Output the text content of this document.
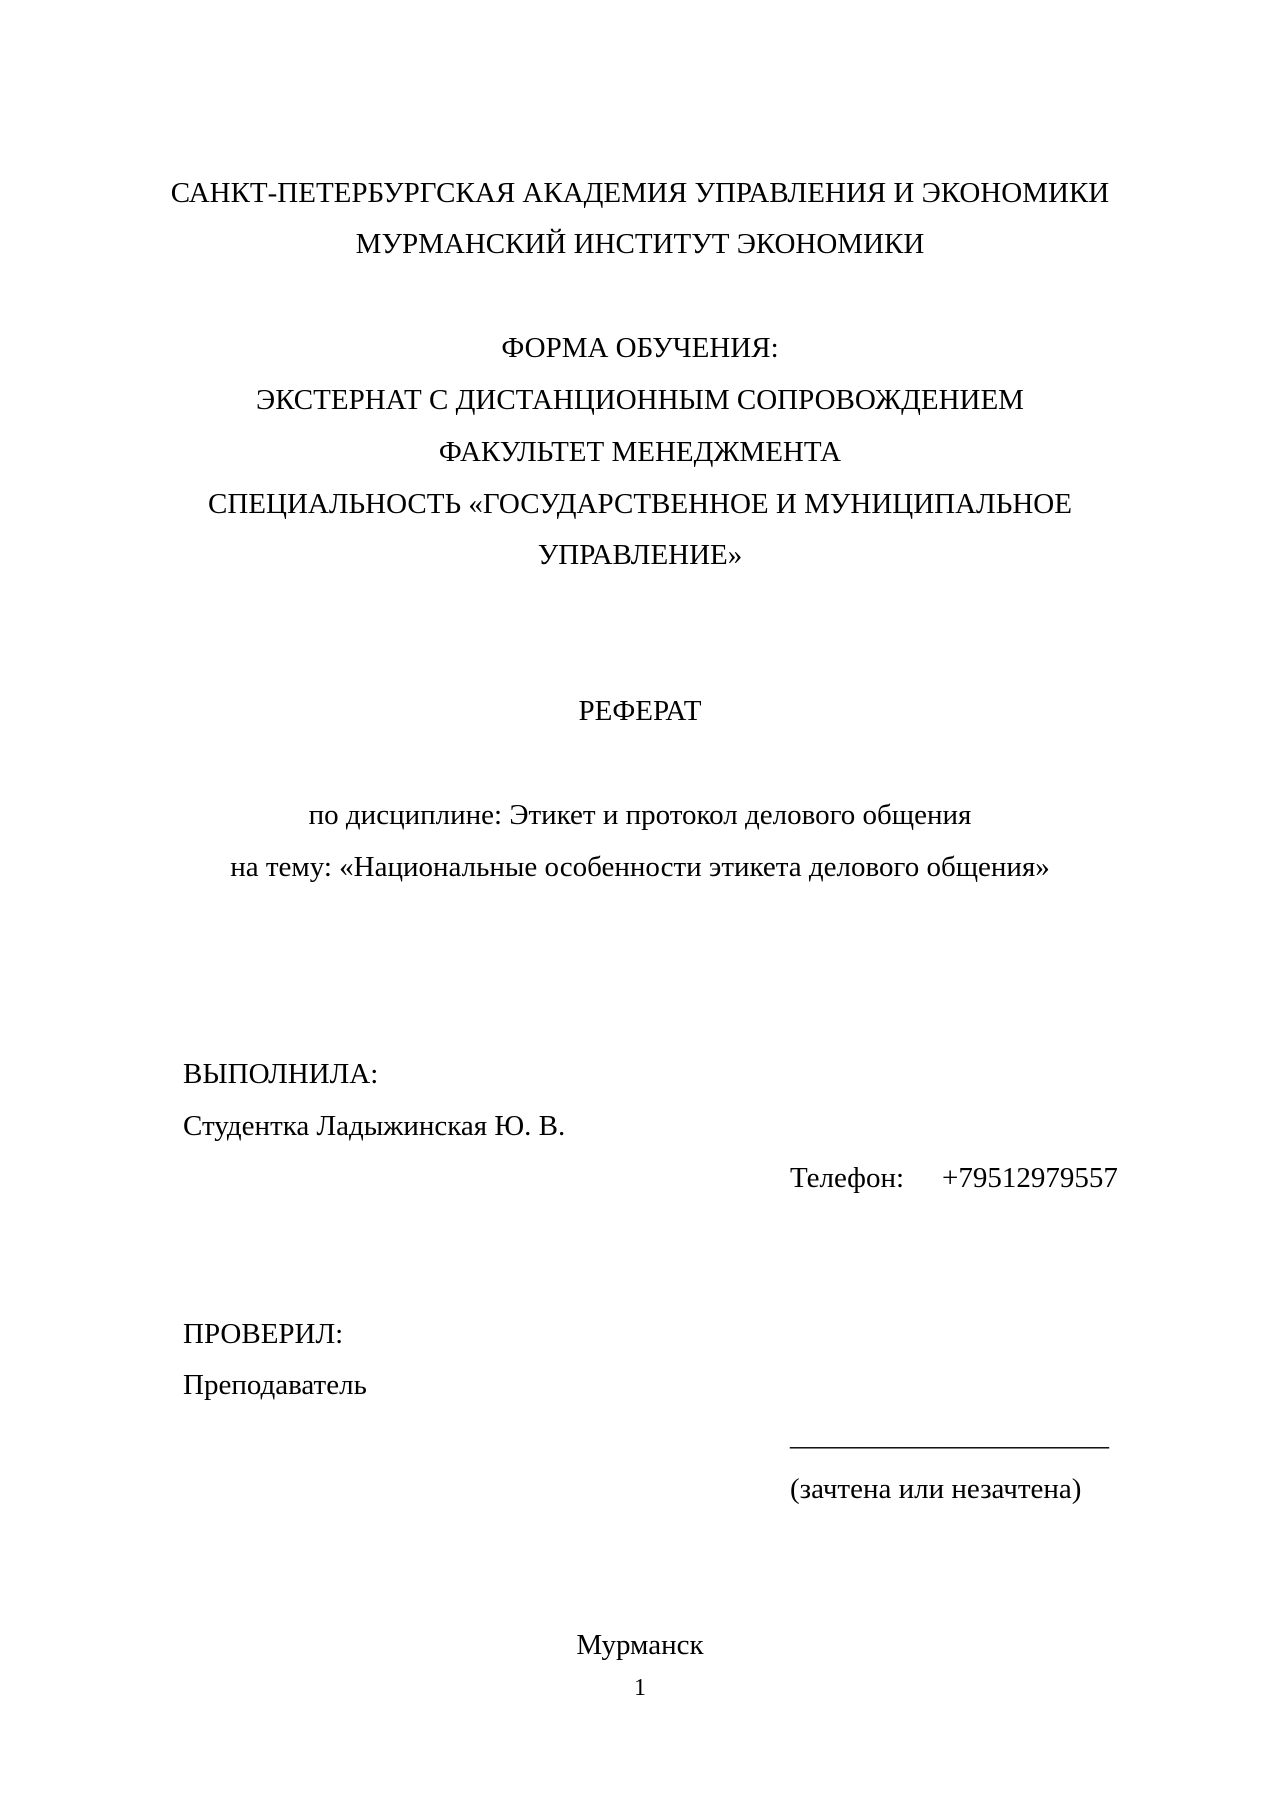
САНКТ-ПЕТЕРБУРГСКАЯ АКАДЕМИЯ УПРАВЛЕНИЯ И ЭКОНОМИКИ
МУРМАНСКИЙ ИНСТИТУТ ЭКОНОМИКИ
ФОРМА ОБУЧЕНИЯ:
ЭКСТЕРНАТ С ДИСТАНЦИОННЫМ СОПРОВОЖДЕНИЕМ
ФАКУЛЬТЕТ МЕНЕДЖМЕНТА
СПЕЦИАЛЬНОСТЬ «ГОСУДАРСТВЕННОЕ И МУНИЦИПАЛЬНОЕ
УПРАВЛЕНИЕ»
РЕФЕРАТ
по дисциплине: Этикет и протокол делового общения
на тему: «Национальные особенности этикета делового общения»
ВЫПОЛНИЛА:
Студентка Ладыжинская Ю. В.
Телефон: +79512979557
ПРОВЕРИЛ:
Преподаватель
______________________
(зачтена или незачтена)
Мурманск
1
